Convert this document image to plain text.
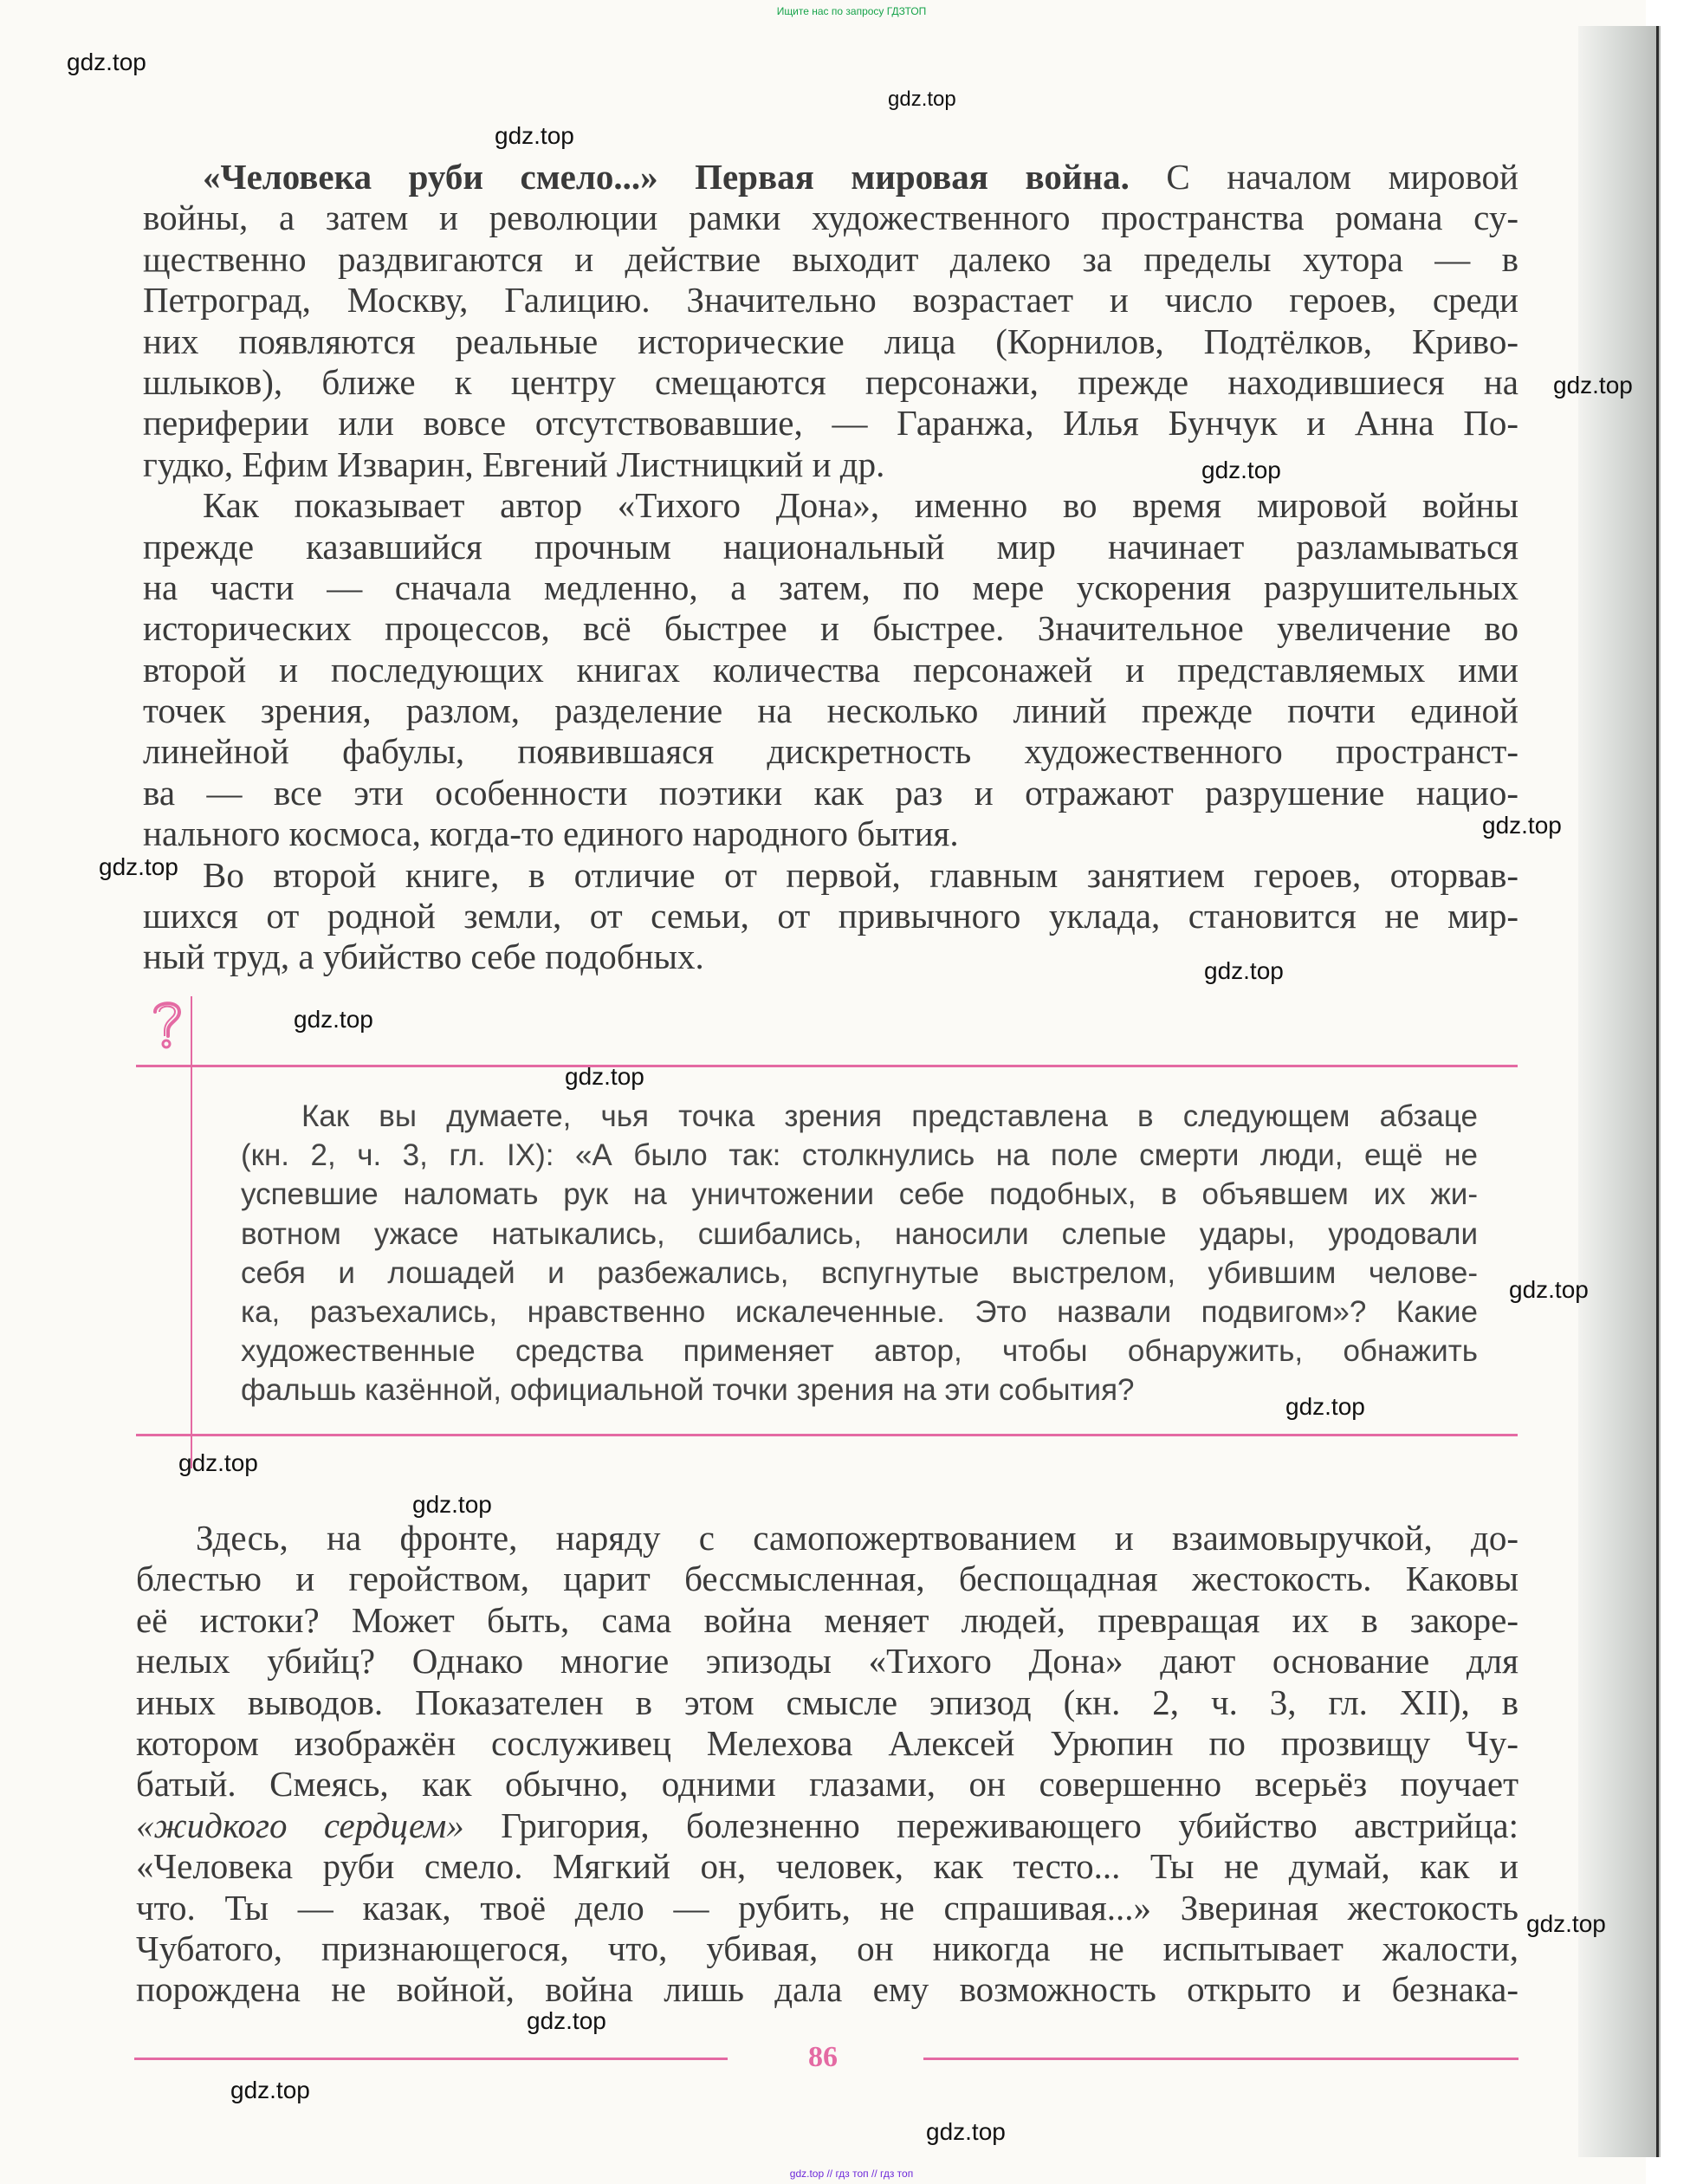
Ищите нас по запросу ГДЗТОП
«Человека руби смело...» Первая мировая война. С началом мировой
войны, а затем и революции рамки художественного пространства романа су-
щественно раздвигаются и действие выходит далеко за пределы хутора — в
Петроград, Москву, Галицию. Значительно возрастает и число героев, среди
них появляются реальные исторические лица (Корнилов, Подтёлков, Криво-
шлыков), ближе к центру смещаются персонажи, прежде находившиеся на
периферии или вовсе отсутствовавшие, — Гаранжа, Илья Бунчук и Анна По-
гудко, Ефим Изварин, Евгений Листницкий и др.
Как показывает автор «Тихого Дона», именно во время мировой войны
прежде казавшийся прочным национальный мир начинает разламываться
на части — сначала медленно, а затем, по мере ускорения разрушительных
исторических процессов, всё быстрее и быстрее. Значительное увеличение во
второй и последующих книгах количества персонажей и представляемых ими
точек зрения, разлом, разделение на несколько линий прежде почти единой
линейной фабулы, появившаяся дискретность художественного пространст-
ва — все эти особенности поэтики как раз и отражают разрушение нацио-
нального космоса, когда-то единого народного бытия.
Во второй книге, в отличие от первой, главным занятием героев, оторвав-
шихся от родной земли, от семьи, от привычного уклада, становится не мир-
ный труд, а убийство себе подобных.
Как вы думаете, чья точка зрения представлена в следующем абзаце
(кн. 2, ч. 3, гл. IX): «А было так: столкнулись на поле смерти люди, ещё не
успевшие наломать рук на уничтожении себе подобных, в объявшем их жи-
вотном ужасе натыкались, сшибались, наносили слепые удары, уродовали
себя и лошадей и разбежались, вспугнутые выстрелом, убившим челове-
ка, разъехались, нравственно искалеченные. Это назвали подвигом»? Какие
художественные средства применяет автор, чтобы обнаружить, обнажить
фальшь казённой, официальной точки зрения на эти события?
Здесь, на фронте, наряду с самопожертвованием и взаимовыручкой, до-
блестью и геройством, царит бессмысленная, беспощадная жестокость. Каковы
её истоки? Может быть, сама война меняет людей, превращая их в закоре-
нелых убийц? Однако многие эпизоды «Тихого Дона» дают основание для
иных выводов. Показателен в этом смысле эпизод (кн. 2, ч. 3, гл. XII), в
котором изображён сослуживец Мелехова Алексей Урюпин по прозвищу Чу-
батый. Смеясь, как обычно, одними глазами, он совершенно всерьёз поучает
«жидкого сердцем» Григория, болезненно переживающего убийство австрийца:
«Человека руби смело. Мягкий он, человек, как тесто... Ты не думай, как и
что. Ты — казак, твоё дело — рубить, не спрашивая...» Звериная жестокость
Чубатого, признающегося, что, убивая, он никогда не испытывает жалости,
порождена не войной, война лишь дала ему возможность открыто и безнака-
86
gdz.top
gdz.top
gdz.top
gdz.top
gdz.top
gdz.top
gdz.top
gdz.top
gdz.top
gdz.top
gdz.top
gdz.top
gdz.top
gdz.top
gdz.top
gdz.top
gdz.top
gdz.top
gdz.top // гдз топ // гдз топ
